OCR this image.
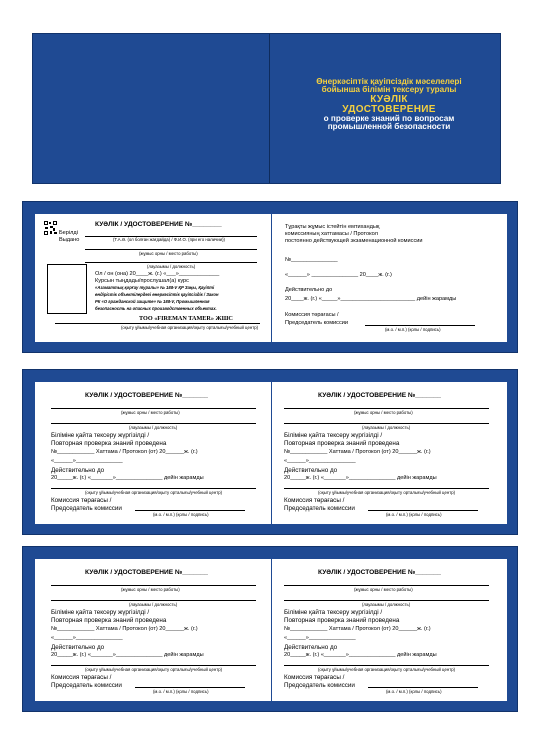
Өнеркәсіптік қауіпсіздік мәселелері
бойынша білімін тексеру туралы
КУӘЛІК
УДОСТОВЕРЕНИЕ
о проверке знаний по вопросам
промышленной безопасности
КУӘЛІК / УДОСТОВЕРЕНИЕ №________
Берілді
Выдано	(Т.А.Ә. (ол болған жағдайда) / Ф.И.О. (при его наличии))
(жұмыс орны / место работы)
(лауазымы / должность)
Ол / он (она) 20____ж. (г.) «___»_____________
Курсын тыңдады/прослушал(а) курс
«Азаматтық қорғау туралы» № 188-V ҚР Заңы, Қауіпті
өндірістік объектілердегі өнеркәсіптік қауіпсіздік / Закон
РК «О гражданской защите» № 188-V, Промышленная
безопасность на опасных производственных объектах.
ТОО «FIREMAN TAMER» ЖШС
(оқыту ұйымы/учебная организация/оқыту орталығы/учебный центр)
Тұрақты жұмыс істейтін емтихандық
комиссияның хаттамасы / Протокол
постоянно действующей экзаменационной комиссии
№_______________
«______» _______________ 20____ж. (г.)
Действительно до
20____ж. (г.) «_____»________________________ дейін жарамды
Комиссия төрағасы /
Председатель комиссии
(м.о. / м.п.) (қолы / подпись)
КУӘЛІК / УДОСТОВЕРЕНИЕ №_______
(жұмыс орны / место работы)
(лауазымы / должность)
Біліміне қайта тексеру жүргізілді /
Повторная проверка знаний проведена
№____________ Хаттама / Протокол (от) 20______ж. (г.)
«______»_______________
Действительно до
20_____ж. (г.) «_______»_______________ дейін жарамды
(оқыту ұйымы/учебная организация/оқыту орталығы/учебный центр)
Комиссия төрағасы /
Председатель комиссии
(м.о. / м.п.) (қолы / подпись)
КУӘЛІК / УДОСТОВЕРЕНИЕ №_______
(жұмыс орны / место работы)
(лауазымы / должность)
Біліміне қайта тексеру жүргізілді /
Повторная проверка знаний проведена
№____________ Хаттама / Протокол (от) 20______ж. (г.)
«______»_______________
Действительно до
20_____ж. (г.) «_______»_______________ дейін жарамды
(оқыту ұйымы/учебная организация/оқыту орталығы/учебный центр)
Комиссия төрағасы /
Председатель комиссии
(м.о. / м.п.) (қолы / подпись)
КУӘЛІК / УДОСТОВЕРЕНИЕ №_______
(жұмыс орны / место работы)
(лауазымы / должность)
Біліміне қайта тексеру жүргізілді /
Повторная проверка знаний проведена
№____________ Хаттама / Протокол (от) 20______ж. (г.)
«______»_______________
Действительно до
20_____ж. (г.) «_______»_______________ дейін жарамды
(оқыту ұйымы/учебная организация/оқыту орталығы/учебный центр)
Комиссия төрағасы /
Председатель комиссии
(м.о. / м.п.) (қолы / подпись)
КУӘЛІК / УДОСТОВЕРЕНИЕ №_______
(жұмыс орны / место работы)
(лауазымы / должность)
Біліміне қайта тексеру жүргізілді /
Повторная проверка знаний проведена
№____________ Хаттама / Протокол (от) 20______ж. (г.)
«______»_______________
Действительно до
20_____ж. (г.) «_______»_______________ дейін жарамды
(оқыту ұйымы/учебная организация/оқыту орталығы/учебный центр)
Комиссия төрағасы /
Председатель комиссии
(м.о. / м.п.) (қолы / подпись)
